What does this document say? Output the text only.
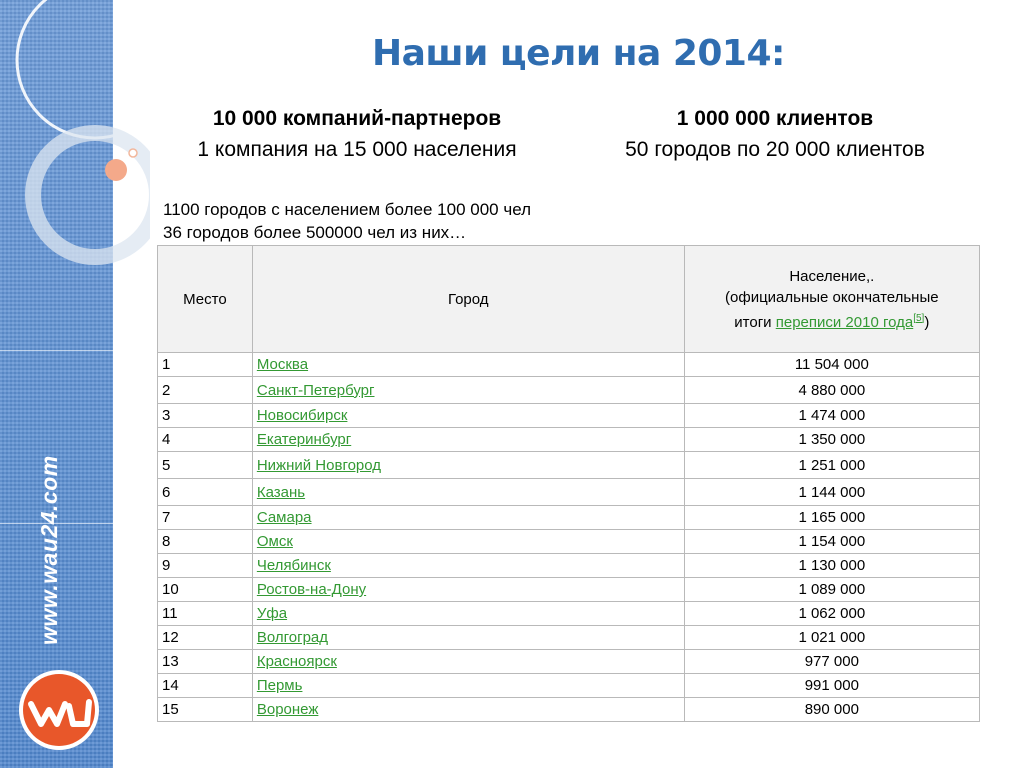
www.wau24.com
Наши цели на 2014:
10 000 компаний-партнеров
1 компания на 15 000 населения
1 000 000 клиентов
50 городов по 20 000 клиентов
1100 городов с населением более 100 000 чел
36 городов более 500000 чел из них…
Место	Город	Население,.
(официальные окончательные
итоги переписи 2010 года[5])

1	Москва	11 504 000
2	Санкт-Петербург	4 880 000
3	Новосибирск	1 474 000
4	Екатеринбург	1 350 000
5	Нижний Новгород	1 251 000
6	Казань	1 144 000
7	Самара	1 165 000
8	Омск	1 154 000
9	Челябинск	1 130 000
10	Ростов-на-Дону	1 089 000
11	Уфа	1 062 000
12	Волгоград	1 021 000
13	Красноярск	977 000
14	Пермь	991 000
15	Воронеж	890 000
